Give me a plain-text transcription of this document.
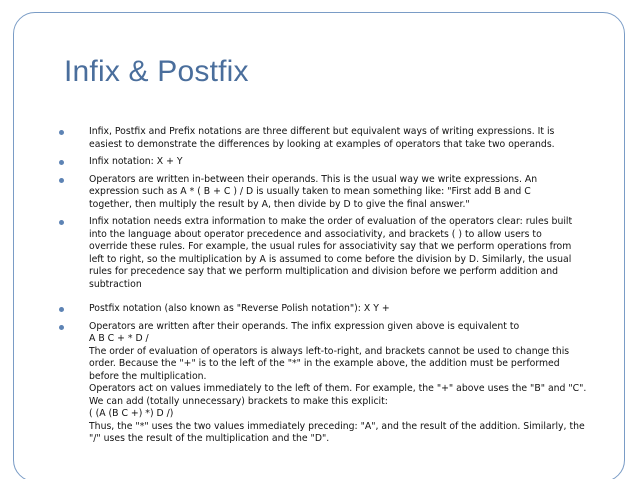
Infix & Postfix
Infix, Postfix and Prefix notations are three different but equivalent ways of writing expressions. It is
easiest to demonstrate the differences by looking at examples of operators that take two operands.
Infix notation: X + Y
Operators are written in-between their operands. This is the usual way we write expressions. An
expression such as A * ( B + C ) / D is usually taken to mean something like: "First add B and C
together, then multiply the result by A, then divide by D to give the final answer."
Infix notation needs extra information to make the order of evaluation of the operators clear: rules built
into the language about operator precedence and associativity, and brackets ( ) to allow users to
override these rules. For example, the usual rules for associativity say that we perform operations from
left to right, so the multiplication by A is assumed to come before the division by D. Similarly, the usual
rules for precedence say that we perform multiplication and division before we perform addition and
subtraction
Postfix notation (also known as "Reverse Polish notation"): X Y +
Operators are written after their operands. The infix expression given above is equivalent to
A B C + * D /
The order of evaluation of operators is always left-to-right, and brackets cannot be used to change this
order. Because the "+" is to the left of the "*" in the example above, the addition must be performed
before the multiplication.
Operators act on values immediately to the left of them. For example, the "+" above uses the "B" and "C".
We can add (totally unnecessary) brackets to make this explicit:
( (A (B C +) *) D /)
Thus, the "*" uses the two values immediately preceding: "A", and the result of the addition. Similarly, the
"/" uses the result of the multiplication and the "D".
